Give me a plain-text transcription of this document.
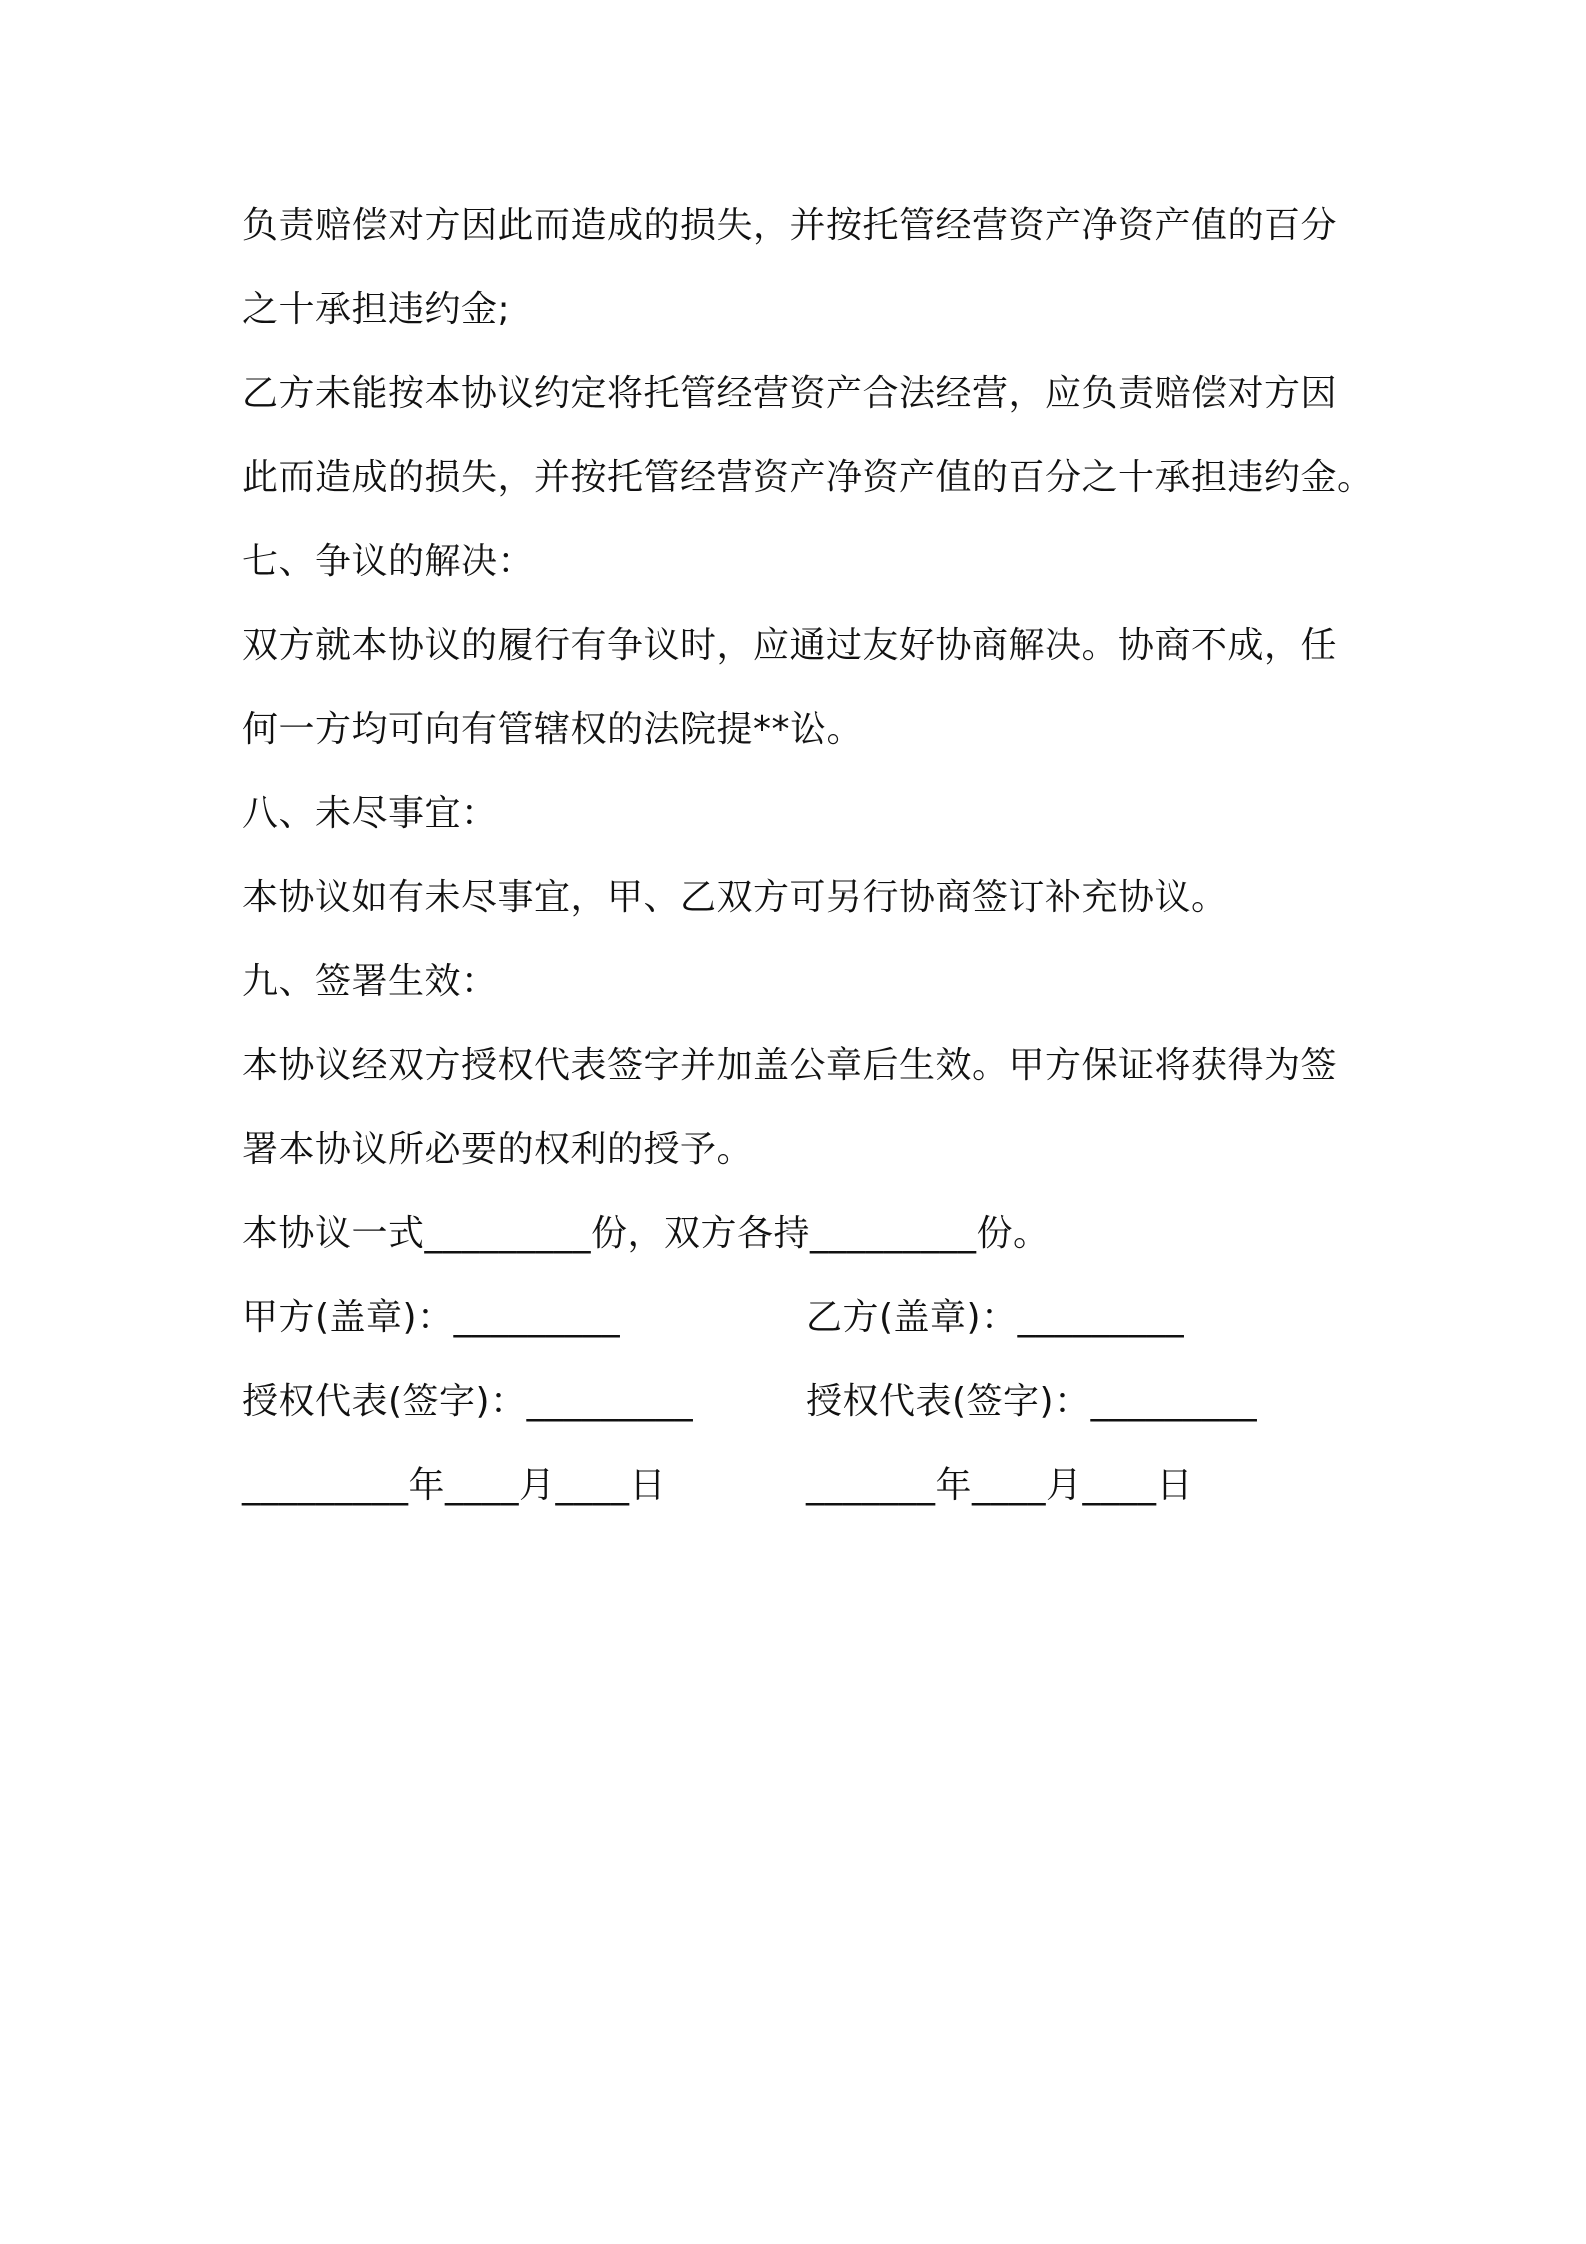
负责赔偿对方因此而造成的损失，并按托管经营资产净资产值的百分
之十承担违约金;
乙方未能按本协议约定将托管经营资产合法经营，应负责赔偿对方因
此而造成的损失，并按托管经营资产净资产值的百分之十承担违约金。
七、争议的解决：
双方就本协议的履行有争议时，应通过友好协商解决。协商不成，任
何一方均可向有管辖权的法院提**讼。
八、未尽事宜：
本协议如有未尽事宜，甲、乙双方可另行协商签订补充协议。
九、签署生效：
本协议经双方授权代表签字并加盖公章后生效。甲方保证将获得为签
署本协议所必要的权利的授予。
本协议一式_________份，双方各持_________份。
甲方(盖章)：_________	乙方(盖章)：_________
授权代表(签字)：_________	授权代表(签字)：_________
_________年____月____日	_______年____月____日
